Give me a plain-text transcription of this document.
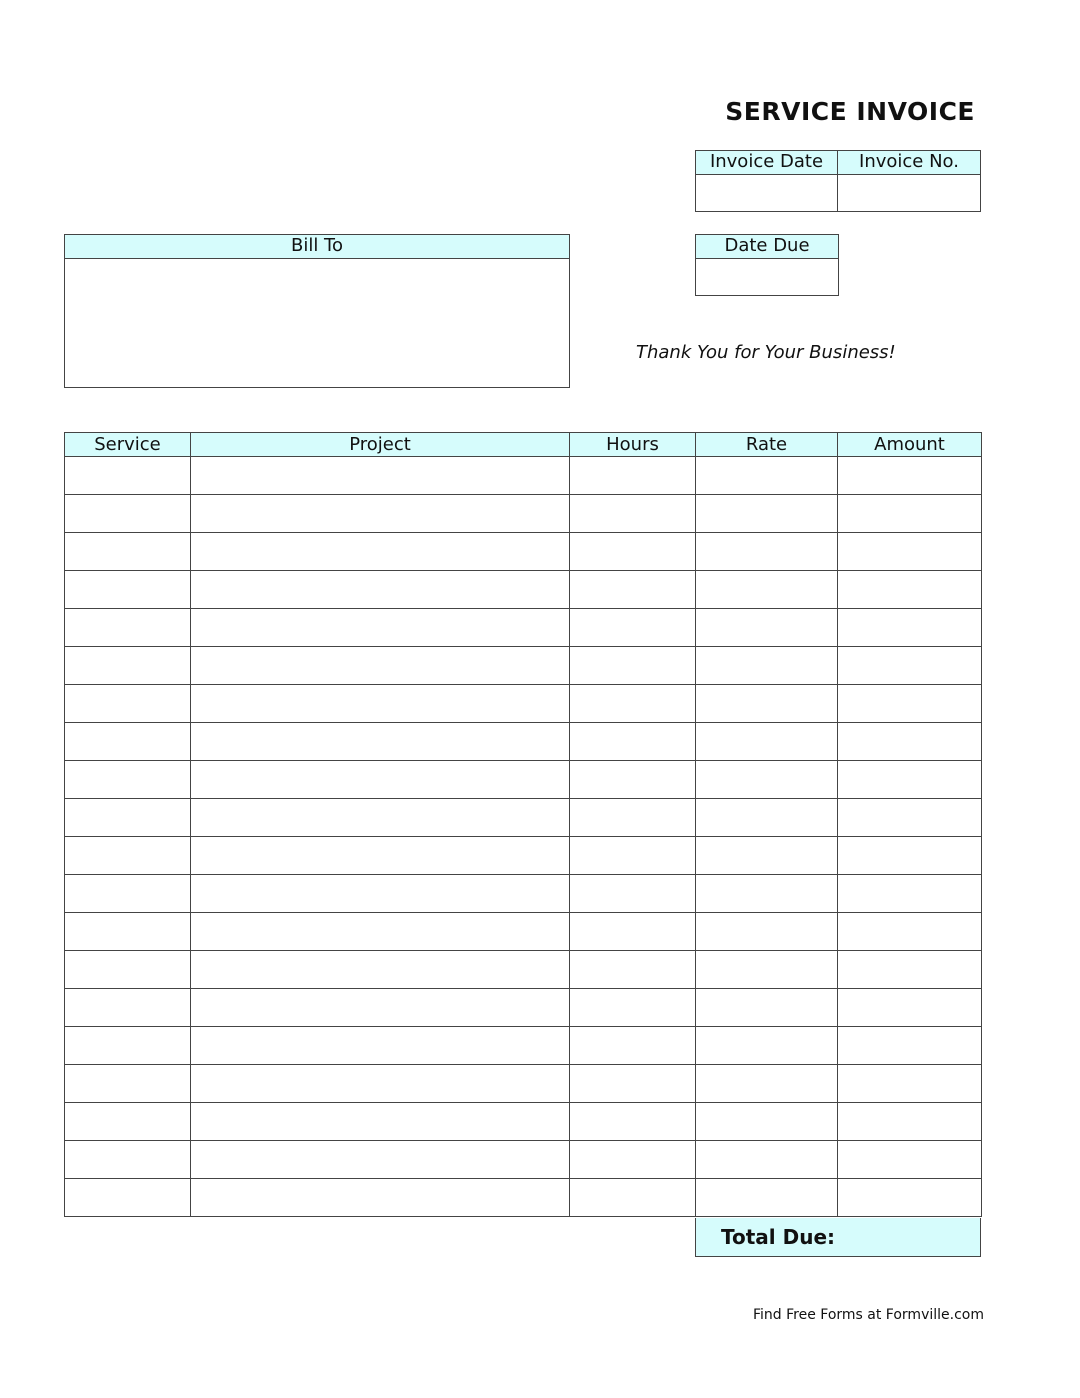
SERVICE INVOICE
Invoice Date	Invoice No.
Bill To	Date Due
Thank You for Your Business!
Service	Project	Hours	Rate	Amount

Total Due:
Find Free Forms at Formville.com
